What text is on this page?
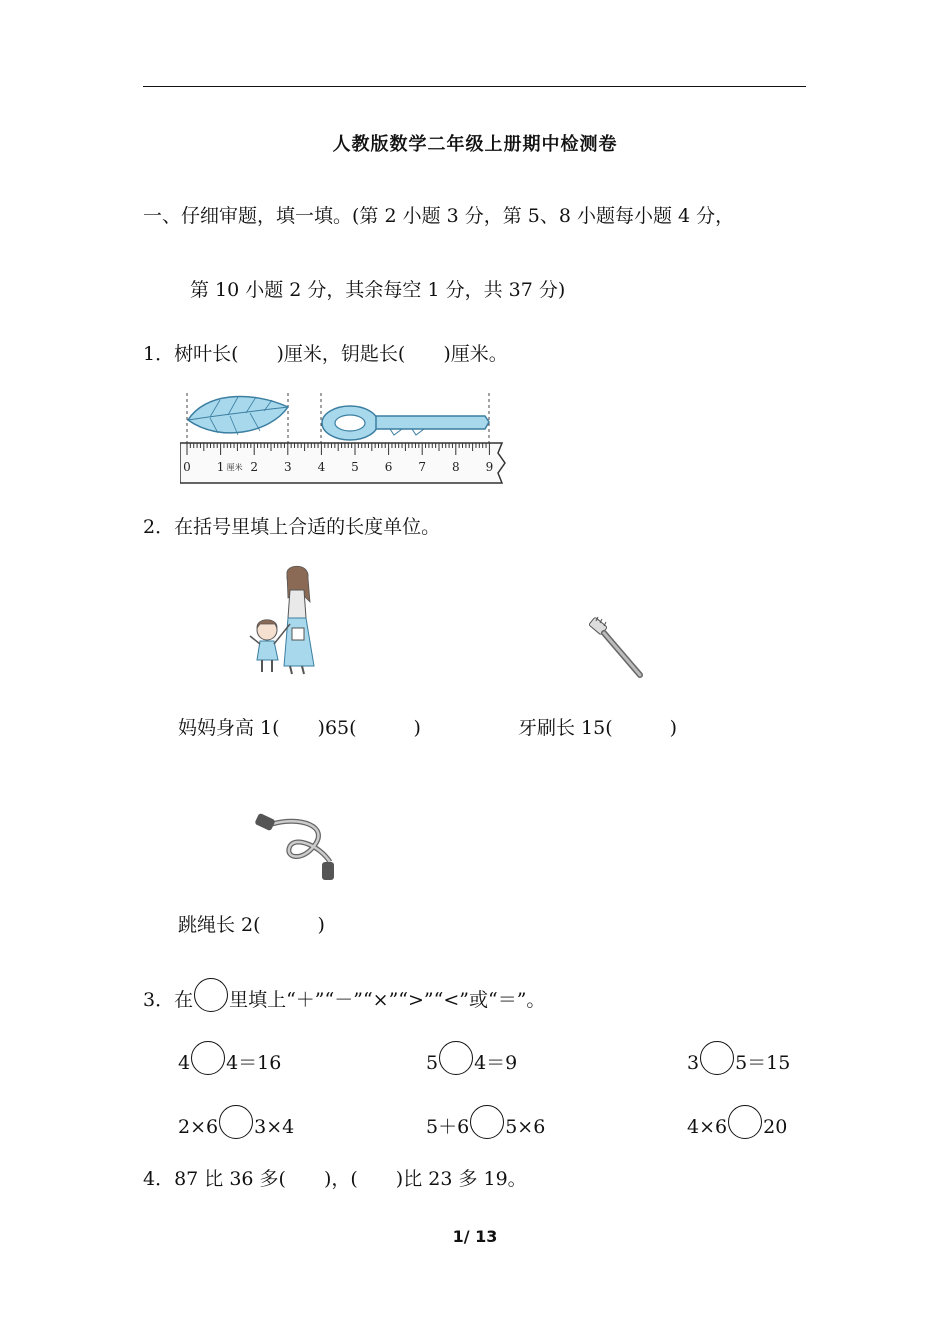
人教版数学二年级上册期中检测卷
一、仔细审题，填一填。(第 2 小题 3 分，第 5、8 小题每小题 4 分，
第 10 小题 2 分，其余每空 1 分，共 37 分)
1．树叶长(　　)厘米，钥匙长(　　)厘米。
0 1 2 3 4 5 6 7 8 9
厘米
2．在括号里填上合适的长度单位。
妈妈身高 1(　　)65(　　　)	牙刷长 15(　　　)
跳绳长 2(　　　)
3．在 里填上“＋”“－”“×”“>”“<”或“＝”。
4 4＝16	5 4＝9	3 5＝15
2×6 3×4	5＋6 5×6	4×6 20
4．87 比 36 多(　　)，(　　)比 23 多 19。
1/ 13
